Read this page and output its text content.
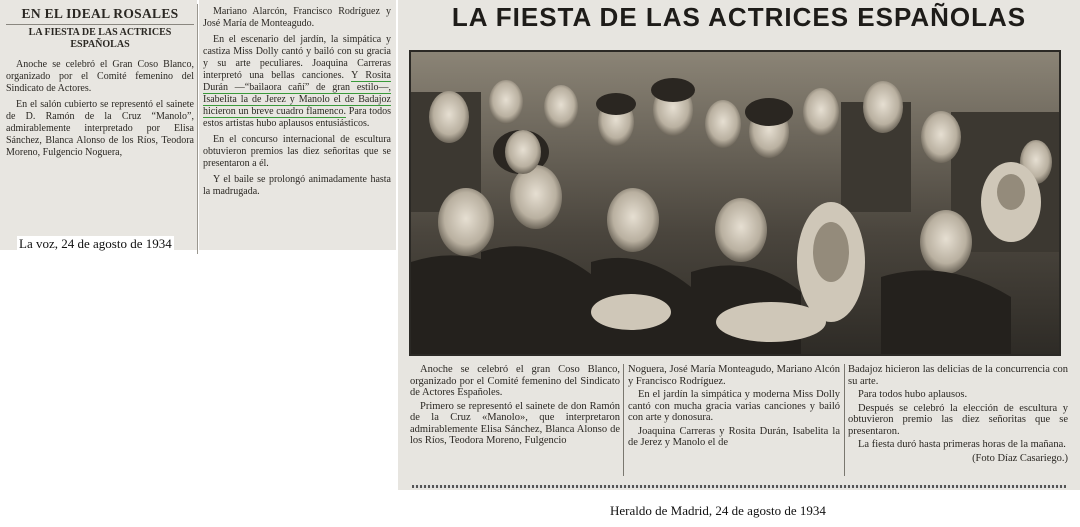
EN EL IDEAL ROSALES
LA FIESTA DE LAS ACTRICES ESPAÑOLAS

Anoche se celebró el Gran Coso Blanco, organizado por el Comité femenino del Sindicato de Actores.

En el salón cubierto se representó el sainete de D. Ramón de la Cruz “Manolo”, admirablemente interpretado por Elisa Sánchez, Blanca Alonso de los Ríos, Teodora Moreno, Fulgencio Noguera,

Mariano Alarcón, Francisco Rodríguez y José María de Monteagudo.

En el escenario del jardín, la simpática y castiza Miss Dolly cantó y bailó con su gracia y su arte peculiares. Joaquina Carreras interpretó una bellas canciones. Y Rosita Durán —“bailaora cañí” de gran estilo—, Isabelita la de Jerez y Manolo el de Badajoz hicieron un breve cuadro flamenco. Para todos estos artistas hubo aplausos entusiásticos.

En el concurso internacional de escultura obtuvieron premios las diez señoritas que se presentaron a él.

Y el baile se prolongó animadamente hasta la madrugada.

La voz, 24 de agosto de 1934
LA FIESTA DE LAS ACTRICES ESPAÑOLAS

Anoche se celebró el gran Coso Blanco, organizado por el Comité femenino del Sindicato de Actores Españoles.

Primero se representó el sainete de don Ramón de la Cruz «Manolo», que interpretaron admirablemente Elisa Sánchez, Blanca Alonso de los Ríos, Teodora Moreno, Fulgencio

Noguera, José María Monteagudo, Mariano Alcón y Francisco Rodríguez.

En el jardín la simpática y moderna Miss Dolly cantó con mucha gracia varias canciones y bailó con arte y donosura.

Joaquina Carreras y Rosita Durán, Isabelita la de Jerez y Manolo el de

Badajoz hicieron las delicias de la concurrencia con su arte.

Para todos hubo aplausos.

Después se celebró la elección de escultura y obtuvieron premio las diez señoritas que se presentaron.

La fiesta duró hasta primeras horas de la mañana.

(Foto Díaz Casariego.)
Heraldo de Madrid, 24 de agosto de 1934
